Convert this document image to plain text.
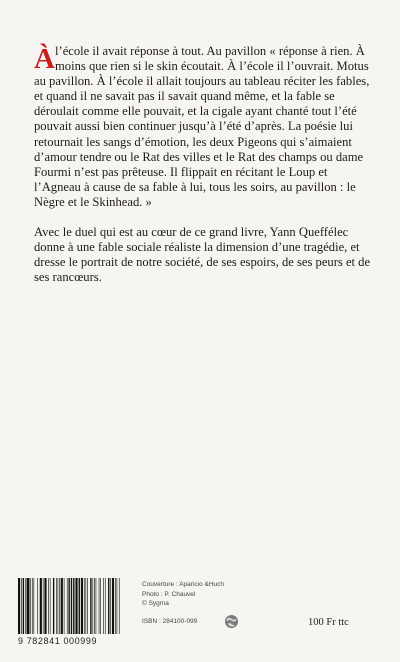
À l’école il avait réponse à tout. Au pavillon « réponse à rien. À moins que rien si le skin écoutait. À l’école il l’ouvrait. Motus au pavillon. À l’école il allait toujours au tableau réciter les fables, et quand il ne savait pas il savait quand même, et la fable se déroulait comme elle pouvait, et la cigale ayant chanté tout l’été pouvait aussi bien continuer jusqu’à l’été d’après. La poésie lui retournait les sangs d’émotion, les deux Pigeons qui s’aimaient d’amour tendre ou le Rat des villes et le Rat des champs ou dame Fourmi n’est pas prêteuse. Il flippait en récitant le Loup et l’Agneau à cause de sa fable à lui, tous les soirs, au pavillon : le Nègre et le Skinhead. »

Avec le duel qui est au cœur de ce grand livre, Yann Queffélec donne à une fable sociale réaliste la dimension d’une tragédie, et dresse le portrait de notre société, de ses espoirs, de ses peurs et de ses rancœurs.

9 782841 000999
Couverture : Aparicio &Huch
Photo : P. Chauvel
© Sygma
ISBN : 284100-099	100 Fr ttc
